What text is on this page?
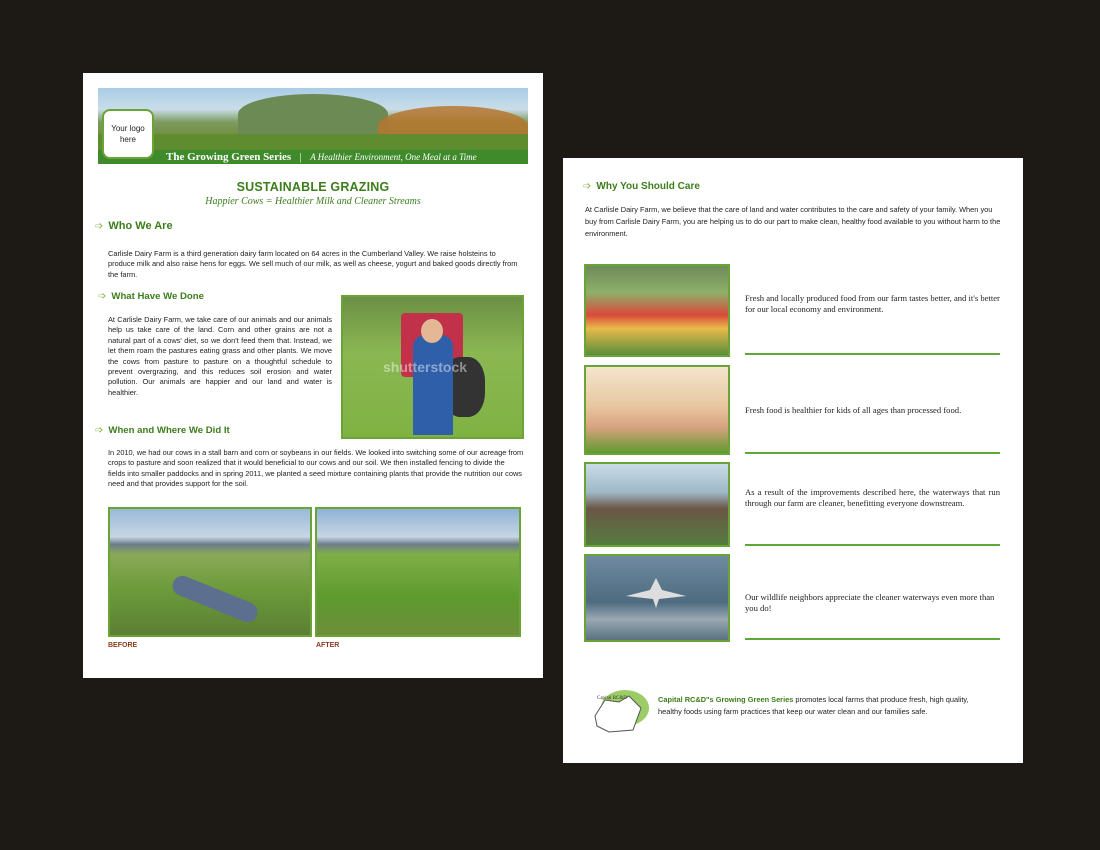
The Growing Green Series | A Healthier Environment, One Meal at a Time
Your logo here
SUSTAINABLE GRAZING
Happier Cows = Healthier Milk and Cleaner Streams
➩ Who We Are
Carlisle Dairy Farm is a third generation dairy farm located on 64 acres in the Cumberland Valley. We raise holsteins to produce milk and also raise hens for eggs. We sell much of our milk, as well as cheese, yogurt and baked goods directly from the farm.
➩ What Have We Done
At Carlisle Dairy Farm, we take care of our animals and our animals help us take care of the land. Corn and other grains are not a natural part of a cows' diet, so we don't feed them that. Instead, we let them roam the pastures eating grass and other plants. We move the cows from pasture to pasture on a thoughtful schedule to prevent overgrazing, and this reduces soil erosion and water pollution. Our animals are happier and our land and water is healthier.
shutterstock
➩ When and Where We Did It
In 2010, we had our cows in a stall barn and corn or soybeans in our fields. We looked into switching some of our acreage from crops to pasture and soon realized that it would beneficial to our cows and our soil. We then installed fencing to divide the fields into smaller paddocks and in spring 2011, we planted a seed mixture containing plants that provide the nutrition our cows need and that provides support for the soil.
BEFORE	AFTER
➩ Why You Should Care
At Carlisle Dairy Farm, we believe that the care of land and water contributes to the care and safety of your family. When you buy from Carlisle Dairy Farm, you are helping us to do our part to make clean, healthy food available to you without harm to the environment.
Fresh and locally produced food from our farm tastes better, and it's better for our local economy and environment.
Fresh food is healthier for kids of all ages than processed food.
As a result of the improvements described here, the waterways that run through our farm are cleaner, benefitting everyone downstream.
Our wildlife neighbors appreciate the cleaner waterways even more than you do!
Capital RC&D	Capital RC&D"s Growing Green Series promotes local farms that produce fresh, high quality, healthy foods using farm practices that keep our water clean and our families safe.
